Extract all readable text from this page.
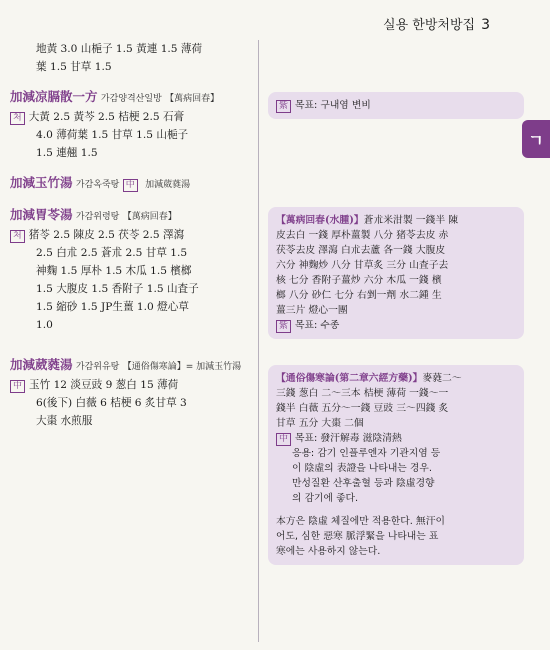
실용 한방처방집 3
ㄱ

地黃 3.0 山梔子 1.5 黃連 1.5 薄荷

葉 1.5 甘草 1.5

加減凉膈散一方 가감양격산일방 【萬病回春】

처 大黃 2.5 黃芩 2.5 桔梗 2.5 石膏

4.0 薄荷葉 1.5 甘草 1.5 山梔子

1.5 連翹 1.5

加減玉竹湯 가감옥죽탕 中 加減葳蕤湯

加減胃苓湯 가감위령탕 【萬病回春】

처 猪苓 2.5 陳皮 2.5 茯苓 2.5 澤瀉

2.5 白朮 2.5 蒼朮 2.5 甘草 1.5

神麴 1.5 厚朴 1.5 木瓜 1.5 檳榔

1.5 大腹皮 1.5 香附子 1.5 山査子

1.5 縮砂 1.5 JP生薑 1.0 燈心草

1.0

加減葳蕤湯 가감위유탕 【通俗傷寒論】= 加減玉竹湯

中 玉竹 12 淡豆豉 9 葱白 15 薄荷

6(後下) 白薇 6 桔梗 6 炙甘草 3

大棗 水煎服

紫 목표: 구내염 변비
【萬病回春(水腫)】蒼朮米泔製 一錢半 陳
皮去白 一錢 厚朴薑製 八分 猪苓去皮 赤
茯苓去皮 澤瀉 白朮去蘆 各一錢 大腹皮
六分 神麴炒 八分 甘草炙 三分 山査子去
核 七分 香附子薑炒 六分 木瓜 一錢 檳
榔 八分 砂仁 七分 右剉一劑 水二鍾 生
薑三片 燈心一團
紫 목표: 수종
【通俗傷寒論(第二章六經方藥)】麥蕤二～
三錢 葱白 二～三本 桔梗 薄荷 一錢～一
錢半 白薇 五分～一錢 豆豉 三～四錢 炙
甘草 五分 大棗 二個
中 목표: 發汗解毒 滋陰清熱
응용: 감기 인플루엔자 기관지염 등
이 陰虛의 表證을 나타내는 경우.
만성질환 산후출혈 등과 陰虛경향
의 감기에 좋다.
本方은 陰虛 체질에만 적용한다. 無汗이
어도, 심한 惡寒 脈浮緊을 나타내는 표
寒에는 사용하지 않는다.
